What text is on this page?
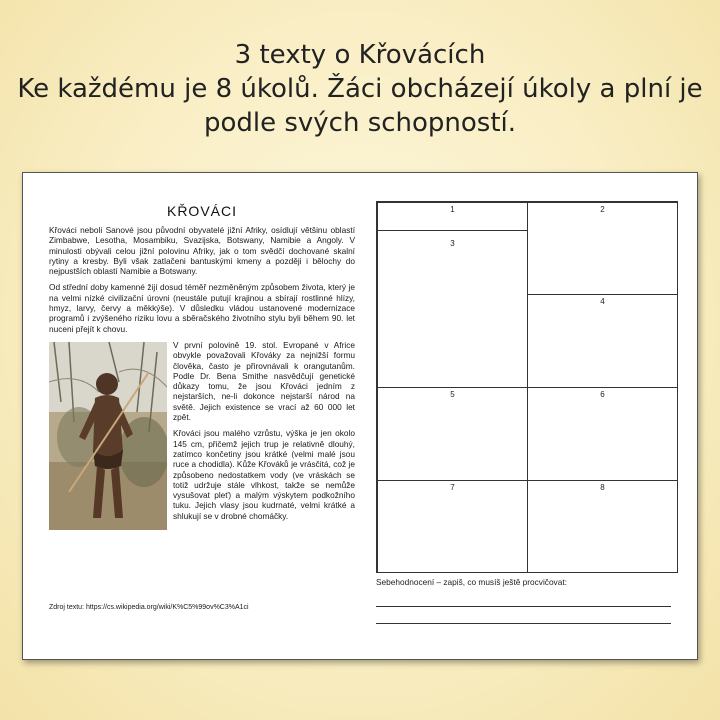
3 texty o Křovácích
Ke každému je 8 úkolů. Žáci obcházejí úkoly a plní je
podle svých schopností.
KŘOVÁCI

Křováci neboli Sanové jsou původní obyvatelé jižní Afriky, osídlují většinu oblastí Zimbabwe, Lesotha, Mosambiku, Svazijska, Botswany, Namibie a Angoly. V minulosti obývali celou jižní polovinu Afriky, jak o tom svědčí dochované skalní rytiny a kresby. Byli však zatlačeni bantuskými kmeny a později i bělochy do nejpustších oblastí Namibie a Botswany.

Od střední doby kamenné žijí dosud téměř nezměněným způsobem života, který je na velmi nízké civilizační úrovni (neustále putují krajinou a sbírají rostlinné hlízy, hmyz, larvy, červy a měkkýše). V důsledku vládou ustanovené modernizace programů i zvýšeného riziku lovu a sběračského životního stylu byli během 90. let nuceni přejít k chovu.

V první polovině 19. stol. Evropané v Africe obvykle považovali Křováky za nejnižší formu člověka, často je přirovnávali k orangutanům. Podle Dr. Bena Smithe nasvědčují genetické důkazy tomu, že jsou Křováci jedním z nejstarších, ne-li dokonce nejstarší národ na světě. Jejich existence se vrací až 60 000 let zpět.

Křováci jsou malého vzrůstu, výška je jen okolo 145 cm, přičemž jejich trup je relativně dlouhý, zatímco končetiny jsou krátké (velmi malé jsou ruce a chodidla). Kůže Křováků je vrásčitá, což je způsobeno nedostatkem vody (ve vráskách se totiž udržuje stále vlhkost, takže se nemůže vysušovat pleť) a malým výskytem podkožního tuku. Jejich vlasy jsou kudrnaté, velmi krátké a shlukují se v drobné chomáčky.

Zdroj textu: https://cs.wikipedia.org/wiki/K%C5%99ov%C3%A1ci
1	2
3
4
5	6
7	8
Sebehodnocení – zapiš, co musíš ještě procvičovat:
